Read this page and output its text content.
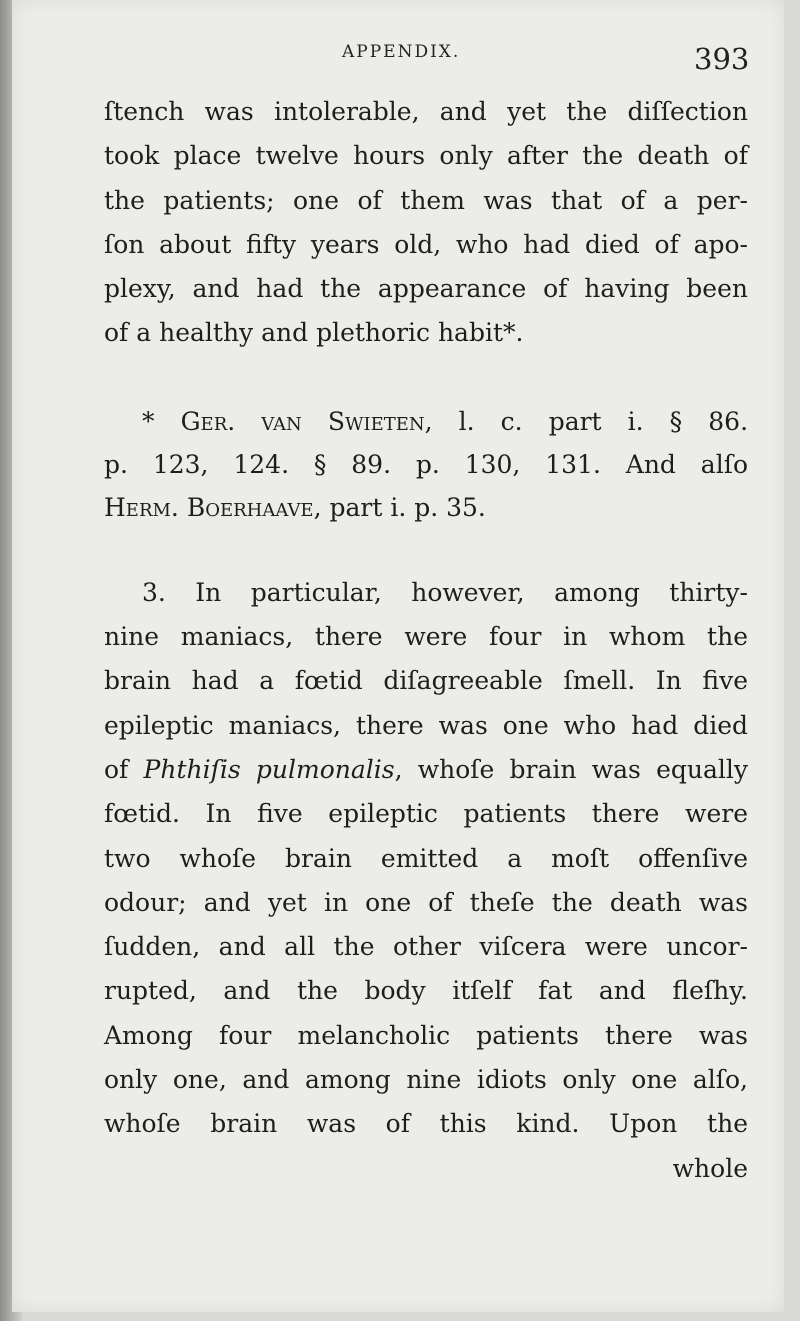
APPENDIX.	393
ſtench was intolerable, and yet the diſſection
took place twelve hours only after the death of
the patients; one of them was that of a per-
ſon about fifty years old, who had died of apo-
plexy, and had the appearance of having been
of a healthy and plethoric habit*.
* Ger. van Swieten, l. c. part i. § 86.
p. 123, 124. § 89. p. 130, 131. And alſo
Herm. Boerhaave, part i. p. 35.
3. In particular, however, among thirty-
nine maniacs, there were four in whom the
brain had a fœtid diſagreeable ſmell. In five
epileptic maniacs, there was one who had died
of Phthiſis pulmonalis, whoſe brain was equally
fœtid. In five epileptic patients there were
two whoſe brain emitted a moſt offenſive
odour; and yet in one of theſe the death was
ſudden, and all the other viſcera were uncor-
rupted, and the body itſelf fat and fleſhy.
Among four melancholic patients there was
only one, and among nine idiots only one alſo,
whoſe brain was of this kind. Upon the
whole
